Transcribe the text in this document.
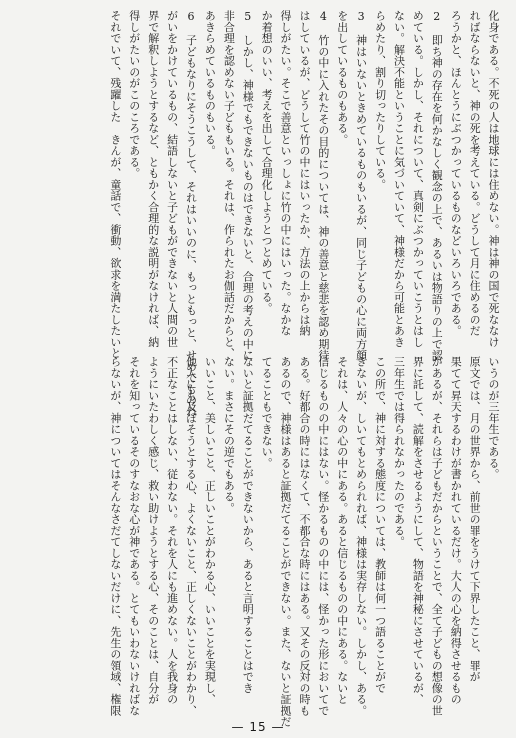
化身である。不死の人は地球には住めない。神は神の国で死ななけ
ればならないと、神の死を考えている。どうして月に住めるのだ
ろうかと、ほんとうにぶつかっているものなどいろいろである。
2　即ち神の存在を何かなしく観念の上で、あるいは物語りの上で認
めている。しかし、それについて、真剣にぶつかっていこうとはし
ない。解決不能ということに気づいていて、神様だから可能とあき
らめたり、割り切ったりしている。
3　神はいないときめているものもいるが、同じ子どもの心に両方顔
を出しているものもある。
4　竹の中に入れたその目的については、神の善意と慈悲を認め期待
はしているが、どうして竹の中にはいったか、方法の上からは納
得しがたい。そこで善意といっしょに竹の中にはいった。なかな
か着想のいい、考えを出して合理化しようとつとめている。
5　しかし、神様でもできないものはできないと、合理の考えの中に
非合理を認めない子どももいる。それは、作られたお伽話だからと、
あきらめているものもいる。
6　子どもなりにそうこうして、それはいいのに、もっともっと、せめてものね
がいをかけているもの、結語しないと子どもができないと人間の世
界で解釈しようとするなど、ともかく合理的な説明がなければ、納
得しがたいのがこのころである。
それでいて、残躍した　きんが、童話で、衝動、欲求を満たしたいと
いうのが三年生である。
原文では、月の世界から、前世の罪をうけて下界したこと、罪が
果てて昇天するわけが書かれているだけ。大人の心を納得させるもの
があるが、それらは子どもだからということで、全て子どもの想像の世
界に託して、読解をさせるようにして、物語を神秘にさせているが、
三年生では得られなかったのである。
この所で、神に対する態度については、教師は何一つ語ることがで
きないが、しいてもとめられれば、神様は実存しない。しかし、ある。
それは、人々の心の中にある。あると信じるものの中にある。ないと
信じるものの中にはない。怪かるものの中には、怪かった形においてで
ある。好都合の時にはなくて、不都合な時にはある。又その反対の時も
あるので、神様はあると証拠だてることができない。また、ないと証拠だ
てることもできない。
ないと証拠だてることができないから、あると言明することはでき
ない。まさにその逆でもある。
いいこと、美しいこと、正しいことがわかる心、いいことを実現し、
他人にも及ぼそうとする心、よくないこと、正しくないことがわかり、
不正なことはしない、従わない。それを人にも進めない。人を我身の
ようにいたわしく感じ、救い助けようとする心、そのことは、自分が
それを知っているそのすなおな心が神である。とてもいわないければな
らないが、神についてはそんなさだてしないだけに、先生の領域、権限
— 15 —
